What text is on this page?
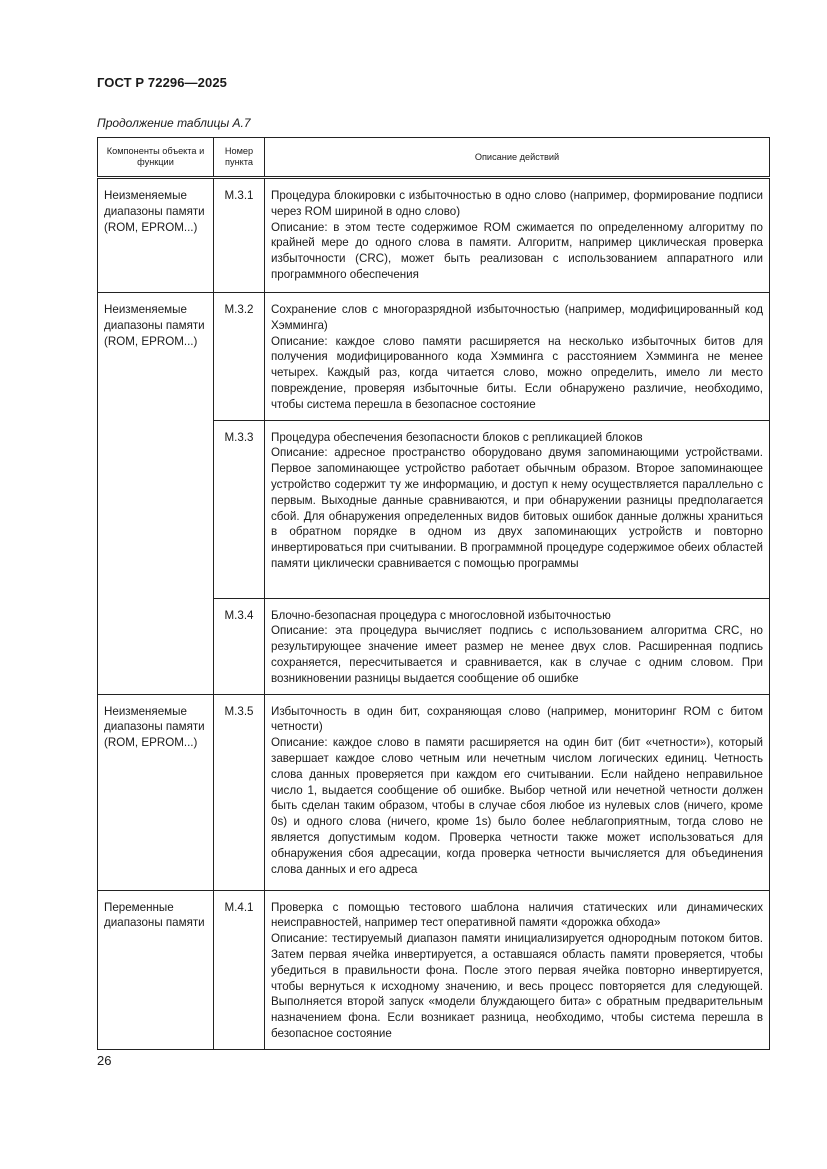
ГОСТ Р 72296—2025
Продолжение таблицы А.7
Компоненты объекта и функции	Номер пункта	Описание действий
Неизменяемые диапазоны памяти (ROM, EPROM...)	M.3.1	Процедура блокировки с избыточностью в одно слово (например, формирование подписи через ROM шириной в одно слово)
Описание: в этом тесте содержимое ROM сжимается по определенному алгоритму по крайней мере до одного слова в памяти. Алгоритм, например циклическая проверка избыточности (CRC), может быть реализован с использованием аппаратного или программного обеспечения

Неизменяемые диапазоны памяти (ROM, EPROM...)	M.3.2	Сохранение слов с многоразрядной избыточностью (например, модифицированный код Хэмминга)
Описание: каждое слово памяти расширяется на несколько избыточных битов для получения модифицированного кода Хэмминга с расстоянием Хэмминга не менее четырех. Каждый раз, когда читается слово, можно определить, имело ли место повреждение, проверяя избыточные биты. Если обнаружено различие, необходимо, чтобы система перешла в безопасное состояние

	M.3.3	Процедура обеспечения безопасности блоков с репликацией блоков
Описание: адресное пространство оборудовано двумя запоминающими устройствами. Первое запоминающее устройство работает обычным образом. Второе запоминающее устройство содержит ту же информацию, и доступ к нему осуществляется параллельно с первым. Выходные данные сравниваются, и при обнаружении разницы предполагается сбой. Для обнаружения определенных видов битовых ошибок данные должны храниться в обратном порядке в одном из двух запоминающих устройств и повторно инвертироваться при считывании. В программной процедуре содержимое обеих областей памяти циклически сравнивается с помощью программы

	M.3.4	Блочно-безопасная процедура с многословной избыточностью
Описание: эта процедура вычисляет подпись с использованием алгоритма CRC, но результирующее значение имеет размер не менее двух слов. Расширенная подпись сохраняется, пересчитывается и сравнивается, как в случае с одним словом. При возникновении разницы выдается сообщение об ошибке

Неизменяемые диапазоны памяти (ROM, EPROM...)	M.3.5	Избыточность в один бит, сохраняющая слово (например, мониторинг ROM с битом четности)
Описание: каждое слово в памяти расширяется на один бит (бит «четности»), который завершает каждое слово четным или нечетным числом логических единиц. Четность слова данных проверяется при каждом его считывании. Если найдено неправильное число 1, выдается сообщение об ошибке. Выбор четной или нечетной четности должен быть сделан таким образом, чтобы в случае сбоя любое из нулевых слов (ничего, кроме 0s) и одного слова (ничего, кроме 1s) было более неблагоприятным, тогда слово не является допустимым кодом. Проверка четности также может использоваться для обнаружения сбоя адресации, когда проверка четности вычисляется для объединения слова данных и его адреса

Переменные диапазоны памяти	M.4.1	Проверка с помощью тестового шаблона наличия статических или динамических неисправностей, например тест оперативной памяти «дорожка обхода»
Описание: тестируемый диапазон памяти инициализируется однородным потоком битов. Затем первая ячейка инвертируется, а оставшаяся область памяти проверяется, чтобы убедиться в правильности фона. После этого первая ячейка повторно инвертируется, чтобы вернуться к исходному значению, и весь процесс повторяется для следующей. Выполняется второй запуск «модели блуждающего бита» с обратным предварительным назначением фона. Если возникает разница, необходимо, чтобы система перешла в безопасное состояние
26
